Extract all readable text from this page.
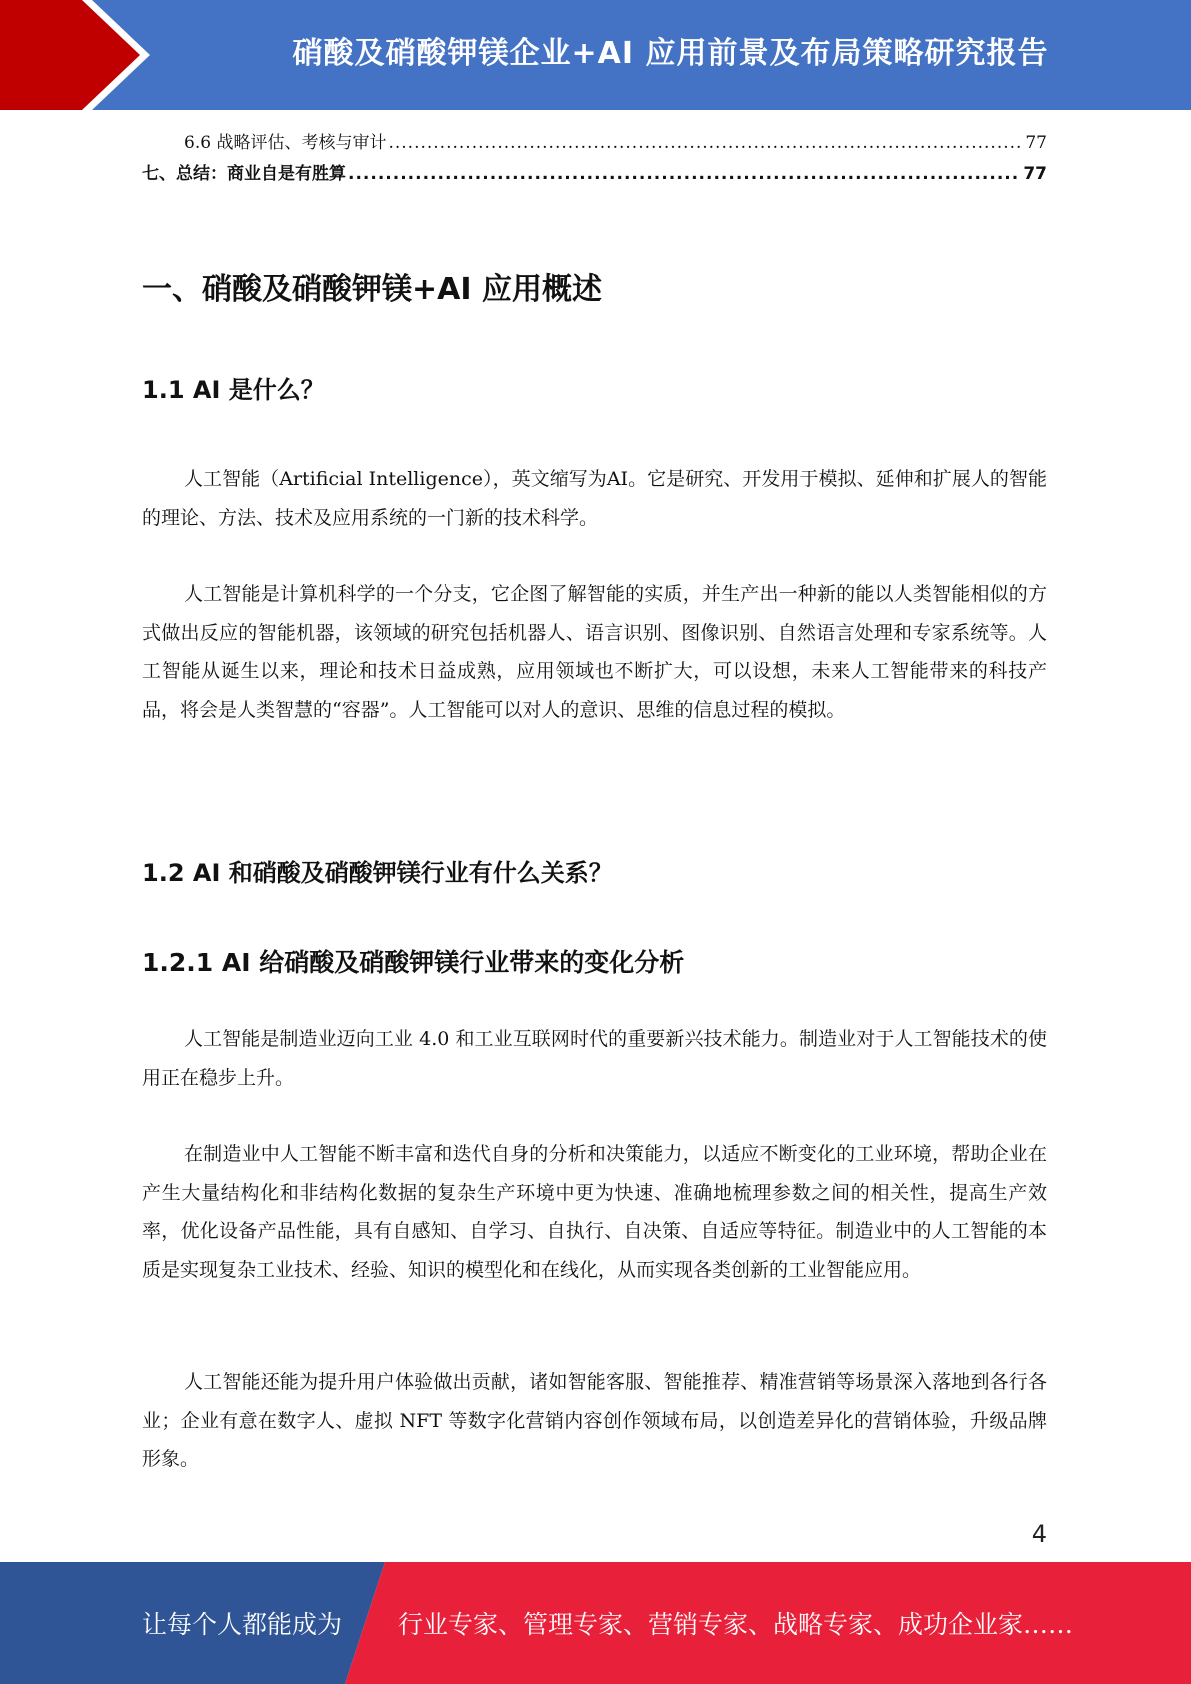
硝酸及硝酸钾镁企业+AI 应用前景及布局策略研究报告
6.6 战略评估、考核与审计 .....	77
七、总结：商业自是有胜算 .....	77
一、硝酸及硝酸钾镁+AI 应用概述
1.1 AI 是什么？

人工智能（Artificial Intelligence），英文缩写为AI。它是研究、开发用于模拟、延伸和扩展人的智能的理论、方法、技术及应用系统的一门新的技术科学。

人工智能是计算机科学的一个分支，它企图了解智能的实质，并生产出一种新的能以人类智能相似的方式做出反应的智能机器，该领域的研究包括机器人、语言识别、图像识别、自然语言处理和专家系统等。人工智能从诞生以来，理论和技术日益成熟，应用领域也不断扩大，可以设想，未来人工智能带来的科技产品，将会是人类智慧的“容器”。人工智能可以对人的意识、思维的信息过程的模拟。

1.2 AI 和硝酸及硝酸钾镁行业有什么关系？
1.2.1 AI 给硝酸及硝酸钾镁行业带来的变化分析

人工智能是制造业迈向工业 4.0 和工业互联网时代的重要新兴技术能力。制造业对于人工智能技术的使用正在稳步上升。

在制造业中人工智能不断丰富和迭代自身的分析和决策能力，以适应不断变化的工业环境，帮助企业在产生大量结构化和非结构化数据的复杂生产环境中更为快速、准确地梳理参数之间的相关性，提高生产效率，优化设备产品性能，具有自感知、自学习、自执行、自决策、自适应等特征。制造业中的人工智能的本质是实现复杂工业技术、经验、知识的模型化和在线化，从而实现各类创新的工业智能应用。

人工智能还能为提升用户体验做出贡献，诸如智能客服、智能推荐、精准营销等场景深入落地到各行各业；企业有意在数字人、虚拟 NFT 等数字化营销内容创作领域布局，以创造差异化的营销体验，升级品牌形象。

4
让每个人都能成为 行业专家、管理专家、营销专家、战略专家、成功企业家……
